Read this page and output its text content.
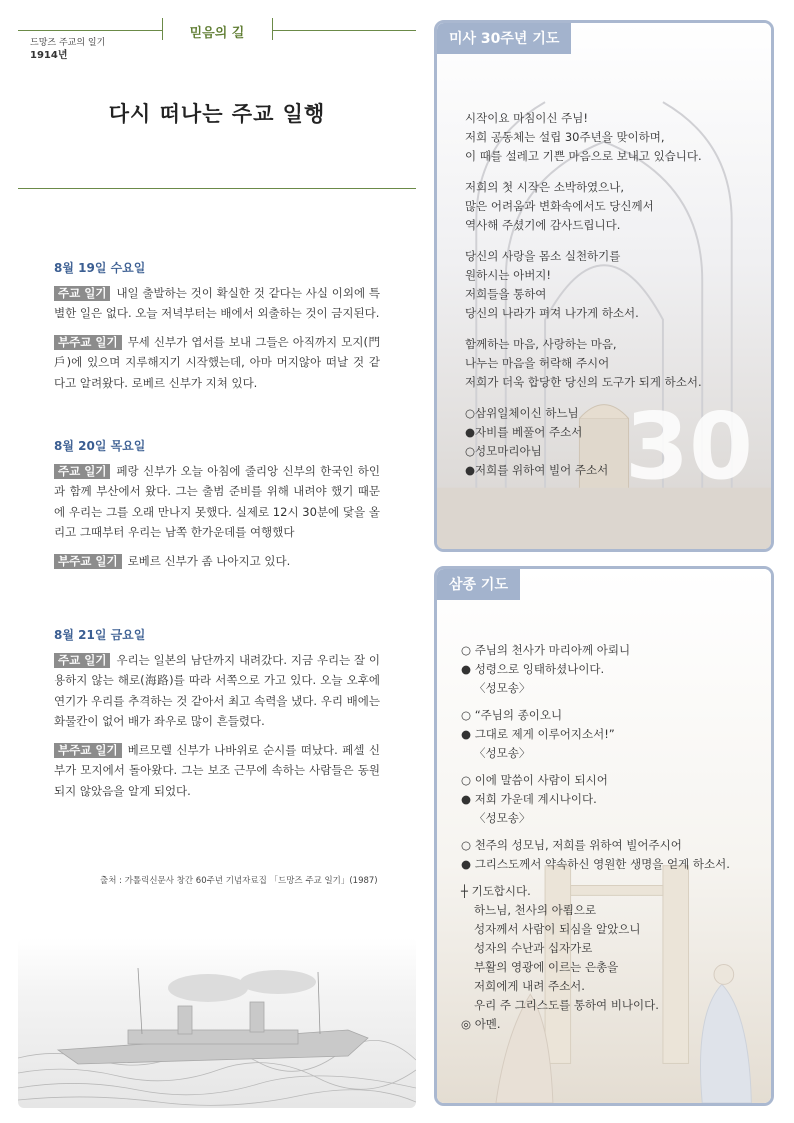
드망즈 주교의 일기
1914년
믿음의 길
다시 떠나는 주교 일행
8월 19일 수요일
주교 일기 내일 출발하는 것이 확실한 것 같다는 사실 이외에 특별한 일은 없다. 오늘 저녁부터는 배에서 외출하는 것이 금지된다.
부주교 일기 무세 신부가 엽서를 보내 그들은 아직까지 모지(門戶)에 있으며 지루해지기 시작했는데, 아마 머지않아 떠날 것 같다고 알려왔다. 로베르 신부가 지쳐 있다.
8월 20일 목요일
주교 일기 페랑 신부가 오늘 아침에 줄리앙 신부의 한국인 하인과 함께 부산에서 왔다. 그는 출범 준비를 위해 내려야 했기 때문에 우리는 그를 오래 만나지 못했다. 실제로 12시 30분에 닻을 올리고 그때부터 우리는 남쪽 한가운데를 여행했다
부주교 일기 로베르 신부가 좀 나아지고 있다.
8월 21일 금요일
주교 일기 우리는 일본의 남단까지 내려갔다. 지금 우리는 잘 이용하지 않는 해로(海路)를 따라 서쪽으로 가고 있다. 오늘 오후에 연기가 우리를 추격하는 것 같아서 최고 속력을 냈다. 우리 배에는 화물칸이 없어 배가 좌우로 많이 흔들렸다.
부주교 일기 베르모렐 신부가 나바위로 순시를 떠났다. 페셀 신부가 모지에서 돌아왔다. 그는 보조 근무에 속하는 사람들은 동원되지 않았음을 알게 되었다.
출처 : 가톨릭신문사 창간 60주년 기념자료집 「드망즈 주교 일기」(1987)
미사 30주년 기도
30
시작이요 마침이신 주님!
저희 공동체는 설립 30주년을 맞이하며,
이 때를 설레고 기쁜 마음으로 보내고 있습니다.
저희의 첫 시작은 소박하였으나,
많은 어려움과 변화속에서도 당신께서
역사해 주셨기에 감사드립니다.
당신의 사랑을 몸소 실천하기를
원하시는 아버지!
저희들을 통하여
당신의 나라가 펴져 나가게 하소서.
함께하는 마음, 사랑하는 마음,
나누는 마음을 허락해 주시어
저희가 더욱 합당한 당신의 도구가 되게 하소서.
○삼위일체이신 하느님
●자비를 베풀어 주소서
○성모마리아님
●저희를 위하여 빌어 주소서
삼종 기도
○ 주님의 천사가 마리아께 아뢰니
● 성령으로 잉태하셨나이다.
〈성모송〉
○ “주님의 종이오니
● 그대로 제게 이루어지소서!”
〈성모송〉
○ 이에 말씀이 사람이 되시어
● 저희 가운데 계시나이다.
〈성모송〉
○ 천주의 성모님, 저희를 위하여 빌어주시어
● 그리스도께서 약속하신 영원한 생명을 얻게 하소서.
┼ 기도합시다.
하느님, 천사의 아룀으로
성자께서 사람이 되심을 알았으니
성자의 수난과 십자가로
부활의 영광에 이르는 은총을
저희에게 내려 주소서.
우리 주 그리스도를 통하여 비나이다.
◎ 아멘.
